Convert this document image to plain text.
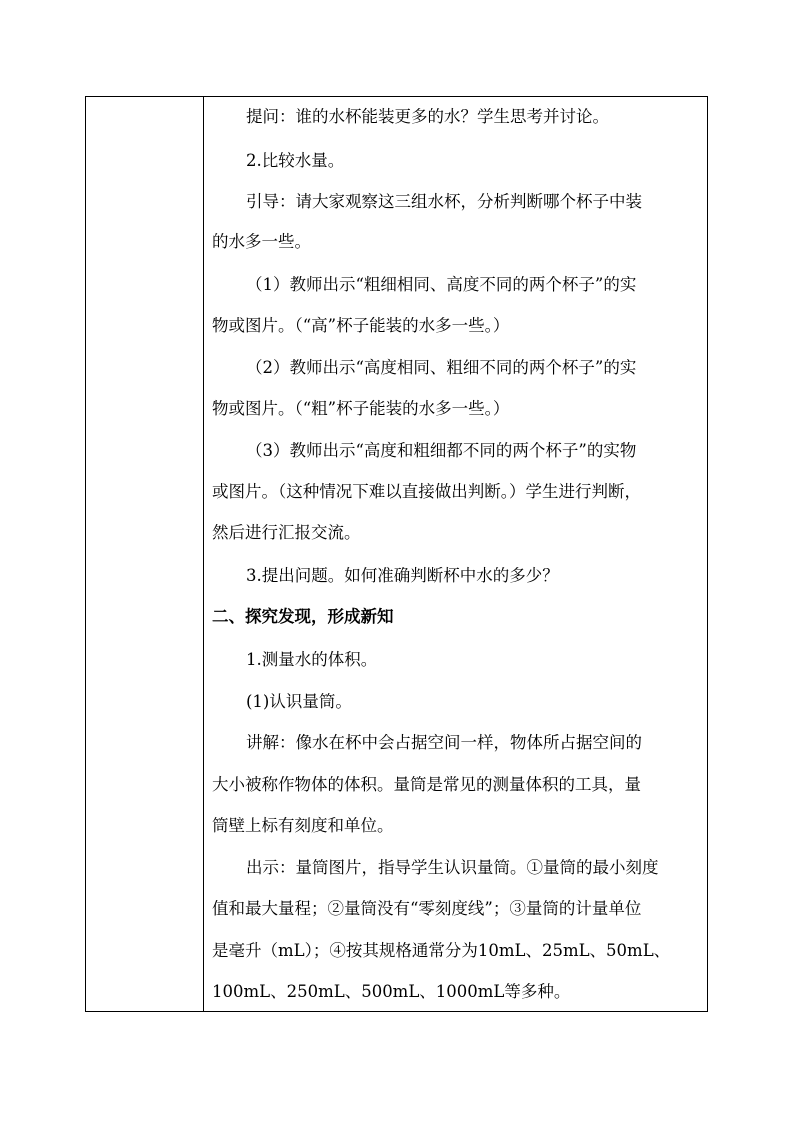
提问：谁的水杯能装更多的水？学生思考并讨论。
2.比较水量。
引导：请大家观察这三组水杯，分析判断哪个杯子中装
的水多一些。
（1）教师出示“粗细相同、高度不同的两个杯子”的实
物或图片。（“高”杯子能装的水多一些。）
（2）教师出示“高度相同、粗细不同的两个杯子”的实
物或图片。（“粗”杯子能装的水多一些。）
（3）教师出示“高度和粗细都不同的两个杯子”的实物
或图片。（这种情况下难以直接做出判断。）学生进行判断，
然后进行汇报交流。
3.提出问题。如何准确判断杯中水的多少？
二、探究发现，形成新知
1.测量水的体积。
(1)认识量筒。
讲解：像水在杯中会占据空间一样，物体所占据空间的
大小被称作物体的体积。量筒是常见的测量体积的工具，量
筒壁上标有刻度和单位。
出示：量筒图片，指导学生认识量筒。①量筒的最小刻度
值和最大量程；②量筒没有“零刻度线”；③量筒的计量单位
是毫升（mL）；④按其规格通常分为10mL、25mL、50mL、
100mL、250mL、500mL、1000mL等多种。
